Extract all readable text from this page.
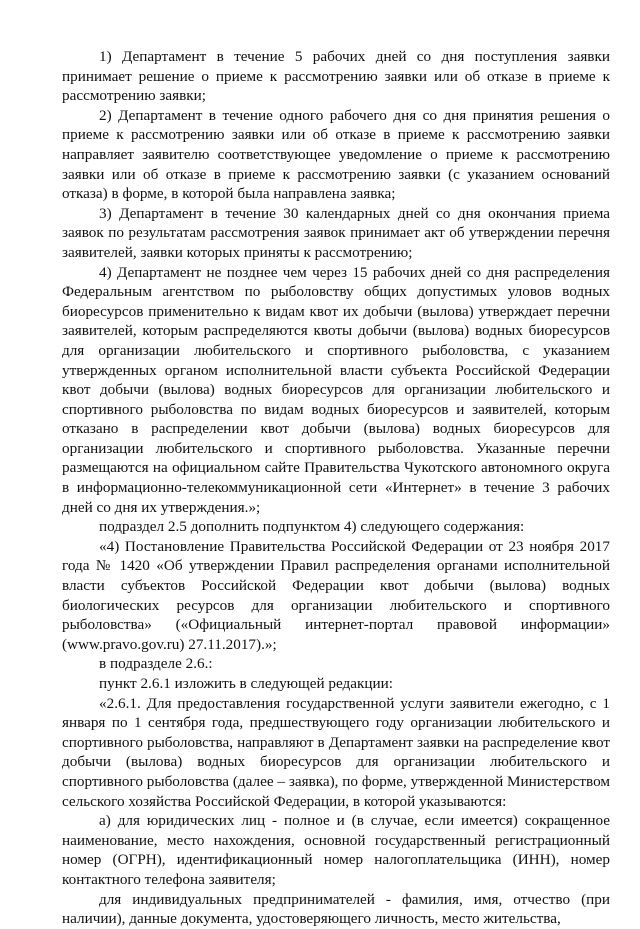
1) Департамент в течение 5 рабочих дней со дня поступления заявки принимает решение о приеме к рассмотрению заявки или об отказе в приеме к рассмотрению заявки;

2) Департамент в течение одного рабочего дня со дня принятия решения о приеме к рассмотрению заявки или об отказе в приеме к рассмотрению заявки направляет заявителю соответствующее уведомление о приеме к рассмотрению заявки или об отказе в приеме к рассмотрению заявки (с указанием оснований отказа) в форме, в которой была направлена заявка;

3) Департамент в течение 30 календарных дней со дня окончания приема заявок по результатам рассмотрения заявок принимает акт об утверждении перечня заявителей, заявки которых приняты к рассмотрению;

4) Департамент не позднее чем через 15 рабочих дней со дня распределения Федеральным агентством по рыболовству общих допустимых уловов водных биоресурсов применительно к видам квот их добычи (вылова) утверждает перечни заявителей, которым распределяются квоты добычи (вылова) водных биоресурсов для организации любительского и спортивного рыболовства, с указанием утвержденных органом исполнительной власти субъекта Российской Федерации квот добычи (вылова) водных биоресурсов для организации любительского и спортивного рыболовства по видам водных биоресурсов и заявителей, которым отказано в распределении квот добычи (вылова) водных биоресурсов для организации любительского и спортивного рыболовства. Указанные перечни размещаются на официальном сайте Правительства Чукотского автономного округа в информационно-телекоммуникационной сети «Интернет» в течение 3 рабочих дней со дня их утверждения.»;

подраздел 2.5 дополнить подпунктом 4) следующего содержания:

«4) Постановление Правительства Российской Федерации от 23 ноября 2017 года № 1420 «Об утверждении Правил распределения органами исполнительной власти субъектов Российской Федерации квот добычи (вылова) водных биологических ресурсов для организации любительского и спортивного рыболовства» («Официальный интернет-портал правовой информации» (www.pravo.gov.ru) 27.11.2017).»;

в подразделе 2.6.:

пункт 2.6.1 изложить в следующей редакции:

«2.6.1. Для предоставления государственной услуги заявители ежегодно, с 1 января по 1 сентября года, предшествующего году организации любительского и спортивного рыболовства, направляют в Департамент заявки на распределение квот добычи (вылова) водных биоресурсов для организации любительского и спортивного рыболовства (далее – заявка), по форме, утвержденной Министерством сельского хозяйства Российской Федерации, в которой указываются:

а) для юридических лиц - полное и (в случае, если имеется) сокращенное наименование, место нахождения, основной государственный регистрационный номер (ОГРН), идентификационный номер налогоплательщика (ИНН), номер контактного телефона заявителя;

для индивидуальных предпринимателей - фамилия, имя, отчество (при наличии), данные документа, удостоверяющего личность, место жительства,
